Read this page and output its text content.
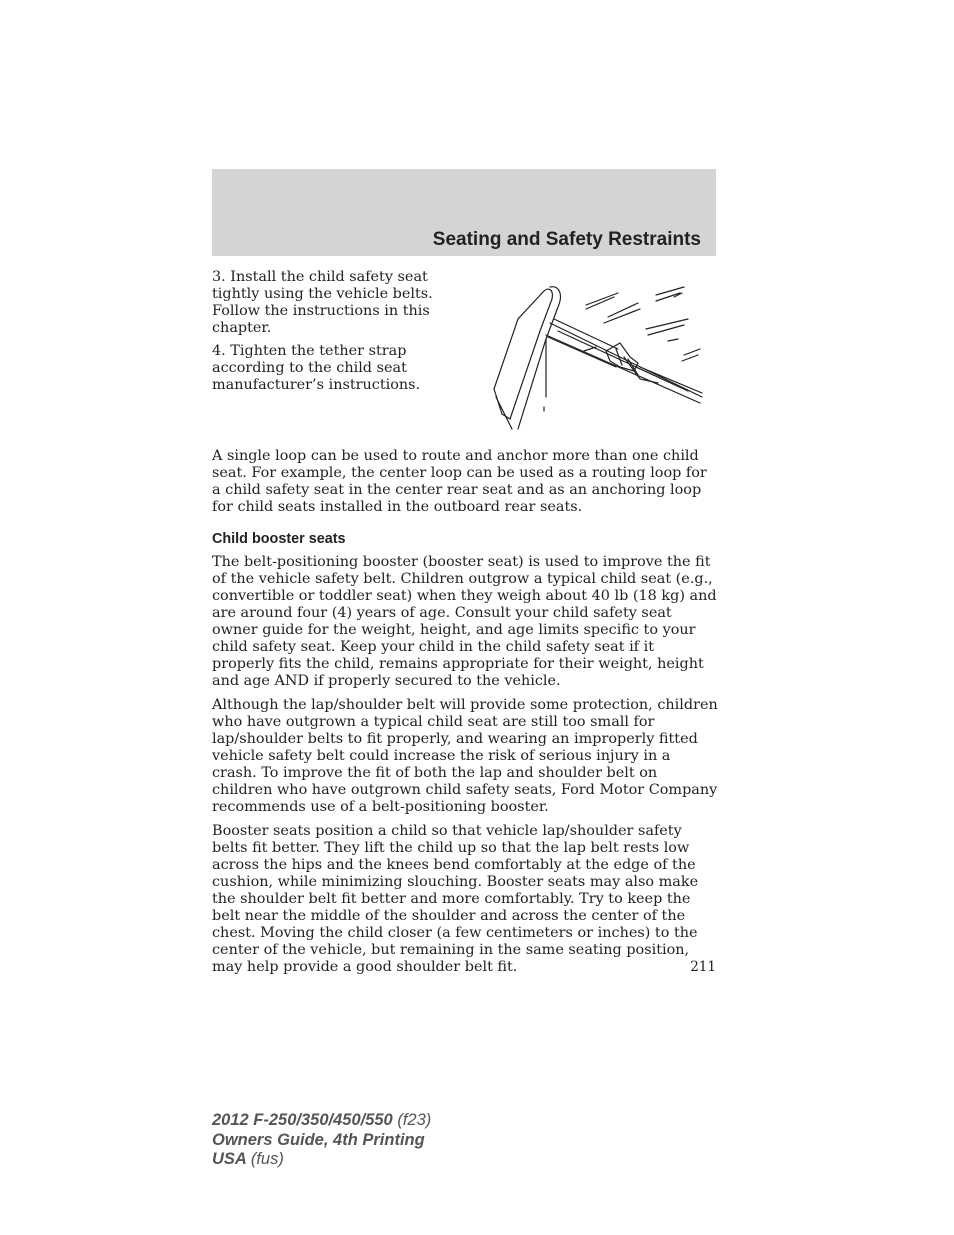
Seating and Safety Restraints

3. Install the child safety seat tightly using the vehicle belts. Follow the instructions in this chapter.

4. Tighten the tether strap according to the child seat manufacturer’s instructions.

A single loop can be used to route and anchor more than one child seat. For example, the center loop can be used as a routing loop for a child safety seat in the center rear seat and as an anchoring loop for child seats installed in the outboard rear seats.

Child booster seats

The belt-positioning booster (booster seat) is used to improve the fit of the vehicle safety belt. Children outgrow a typical child seat (e.g., convertible or toddler seat) when they weigh about 40 lb (18 kg) and are around four (4) years of age. Consult your child safety seat owner guide for the weight, height, and age limits specific to your child safety seat. Keep your child in the child safety seat if it properly fits the child, remains appropriate for their weight, height and age AND if properly secured to the vehicle.

Although the lap/shoulder belt will provide some protection, children who have outgrown a typical child seat are still too small for lap/shoulder belts to fit properly, and wearing an improperly fitted vehicle safety belt could increase the risk of serious injury in a crash. To improve the fit of both the lap and shoulder belt on children who have outgrown child safety seats, Ford Motor Company recommends use of a belt-positioning booster.

Booster seats position a child so that vehicle lap/shoulder safety belts fit better. They lift the child up so that the lap belt rests low across the hips and the knees bend comfortably at the edge of the cushion, while minimizing slouching. Booster seats may also make the shoulder belt fit better and more comfortably. Try to keep the belt near the middle of the shoulder and across the center of the chest. Moving the child closer (a few centimeters or inches) to the center of the vehicle, but remaining in the same seating position, may help provide a good shoulder belt fit.	211
2012 F-250/350/450/550 (f23)
Owners Guide, 4th Printing
USA (fus)
